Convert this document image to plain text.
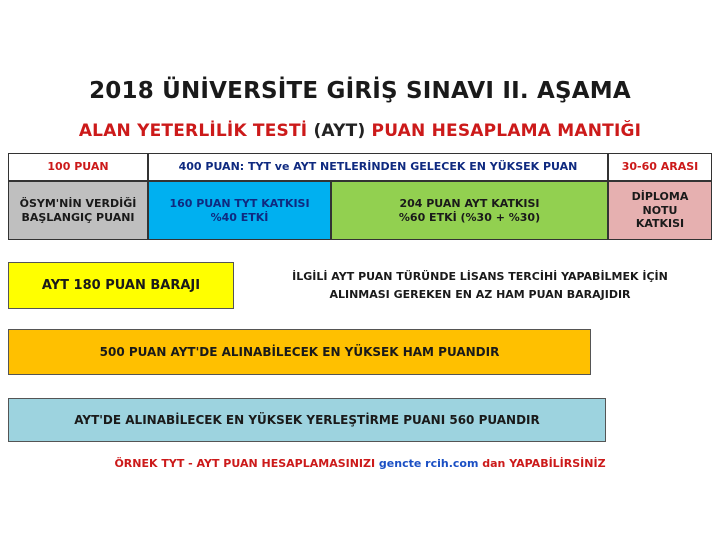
2018 ÜNİVERSİTE GİRİŞ SINAVI II. AŞAMA
ALAN YETERLİLİK TESTİ (AYT) PUAN HESAPLAMA MANTIĞI
100 PUAN	400 PUAN: TYT ve AYT NETLERİNDEN GELECEK EN YÜKSEK PUAN	30-60 ARASI
ÖSYM'NİN VERDİĞİ
BAŞLANGIÇ PUANI
160 PUAN TYT KATKISI
%40 ETKİ
204 PUAN AYT KATKISI
%60 ETKİ (%30 + %30)
DİPLOMA
NOTU
KATKISI
AYT 180 PUAN BARAJI
İLGİLİ AYT PUAN TÜRÜNDE LİSANS TERCİHİ YAPABİLMEK İÇİN
ALINMASI GEREKEN EN AZ HAM PUAN BARAJIDIR
500 PUAN AYT'DE ALINABİLECEK EN YÜKSEK HAM PUANDIR
AYT'DE ALINABİLECEK EN YÜKSEK YERLEŞTİRME PUANI 560 PUANDIR
ÖRNEK TYT - AYT PUAN HESAPLAMASINIZI gencte rcih.com dan YAPABİLİRSİNİZ
